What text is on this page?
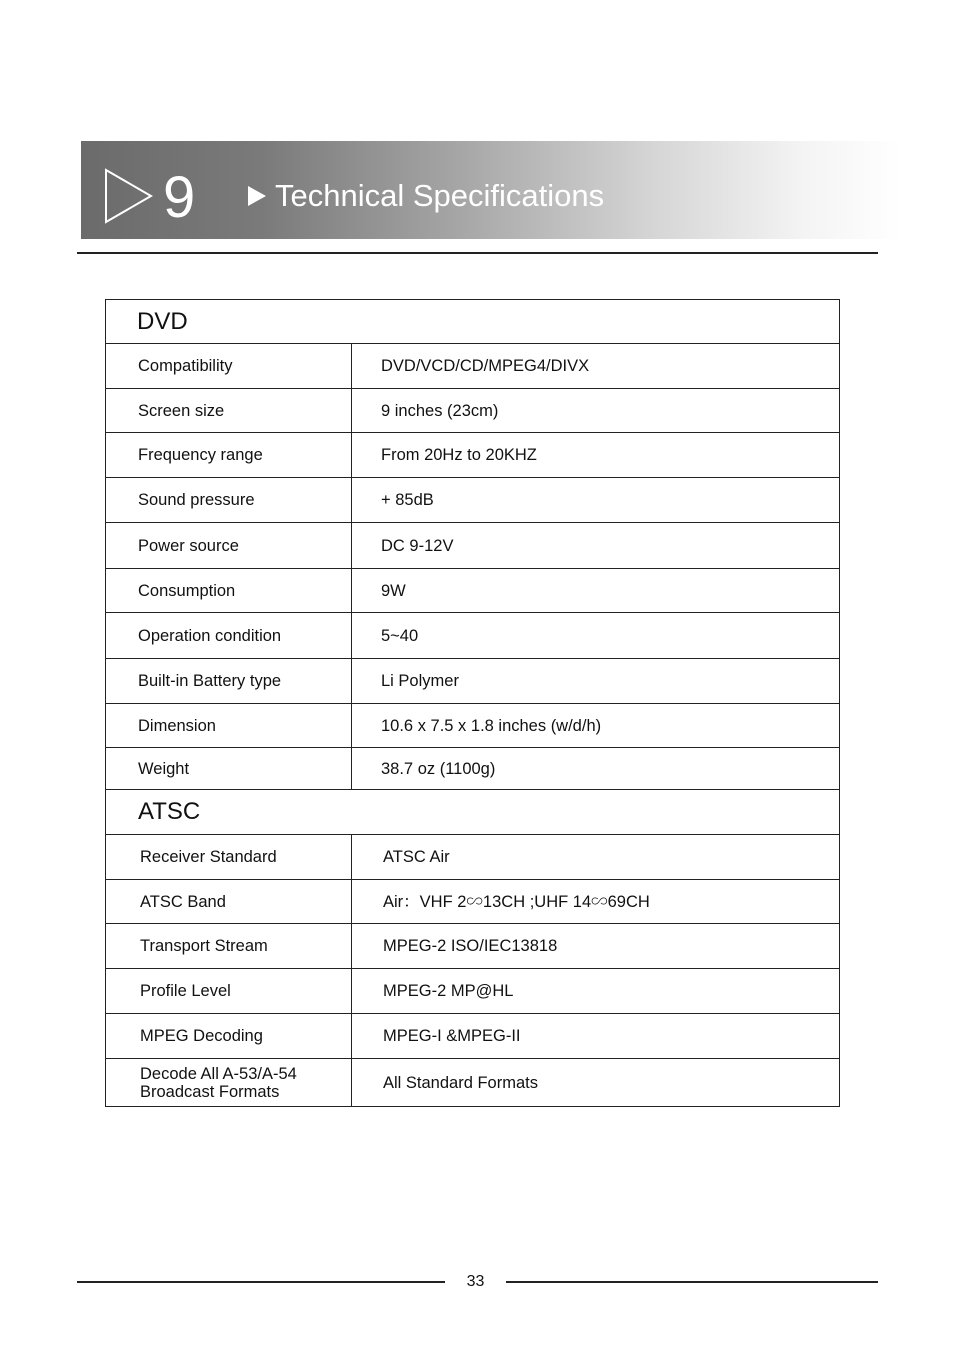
9	Technical Specifications
DVD	
Compatibility	DVD/VCD/CD/MPEG4/DIVX
Screen size	9 inches (23cm)
Frequency range	From 20Hz to 20KHZ
Sound pressure	+ 85dB
Power source	DC 9-12V
Consumption	9W
Operation condition	5~40
Built-in Battery type	Li Polymer
Dimension	10.6 x 7.5 x 1.8 inches (w/d/h)
Weight	38.7 oz (1100g)
ATSC	
Receiver Standard	ATSC Air
ATSC Band	Air：VHF 2∽13CH ;UHF 14∽69CH
Transport Stream	MPEG-2 ISO/IEC13818
Profile Level	MPEG-2 MP@HL
MPEG Decoding	MPEG-I &MPEG-II

Decode All A-53/A-54
Broadcast Formats	All Standard Formats
33
